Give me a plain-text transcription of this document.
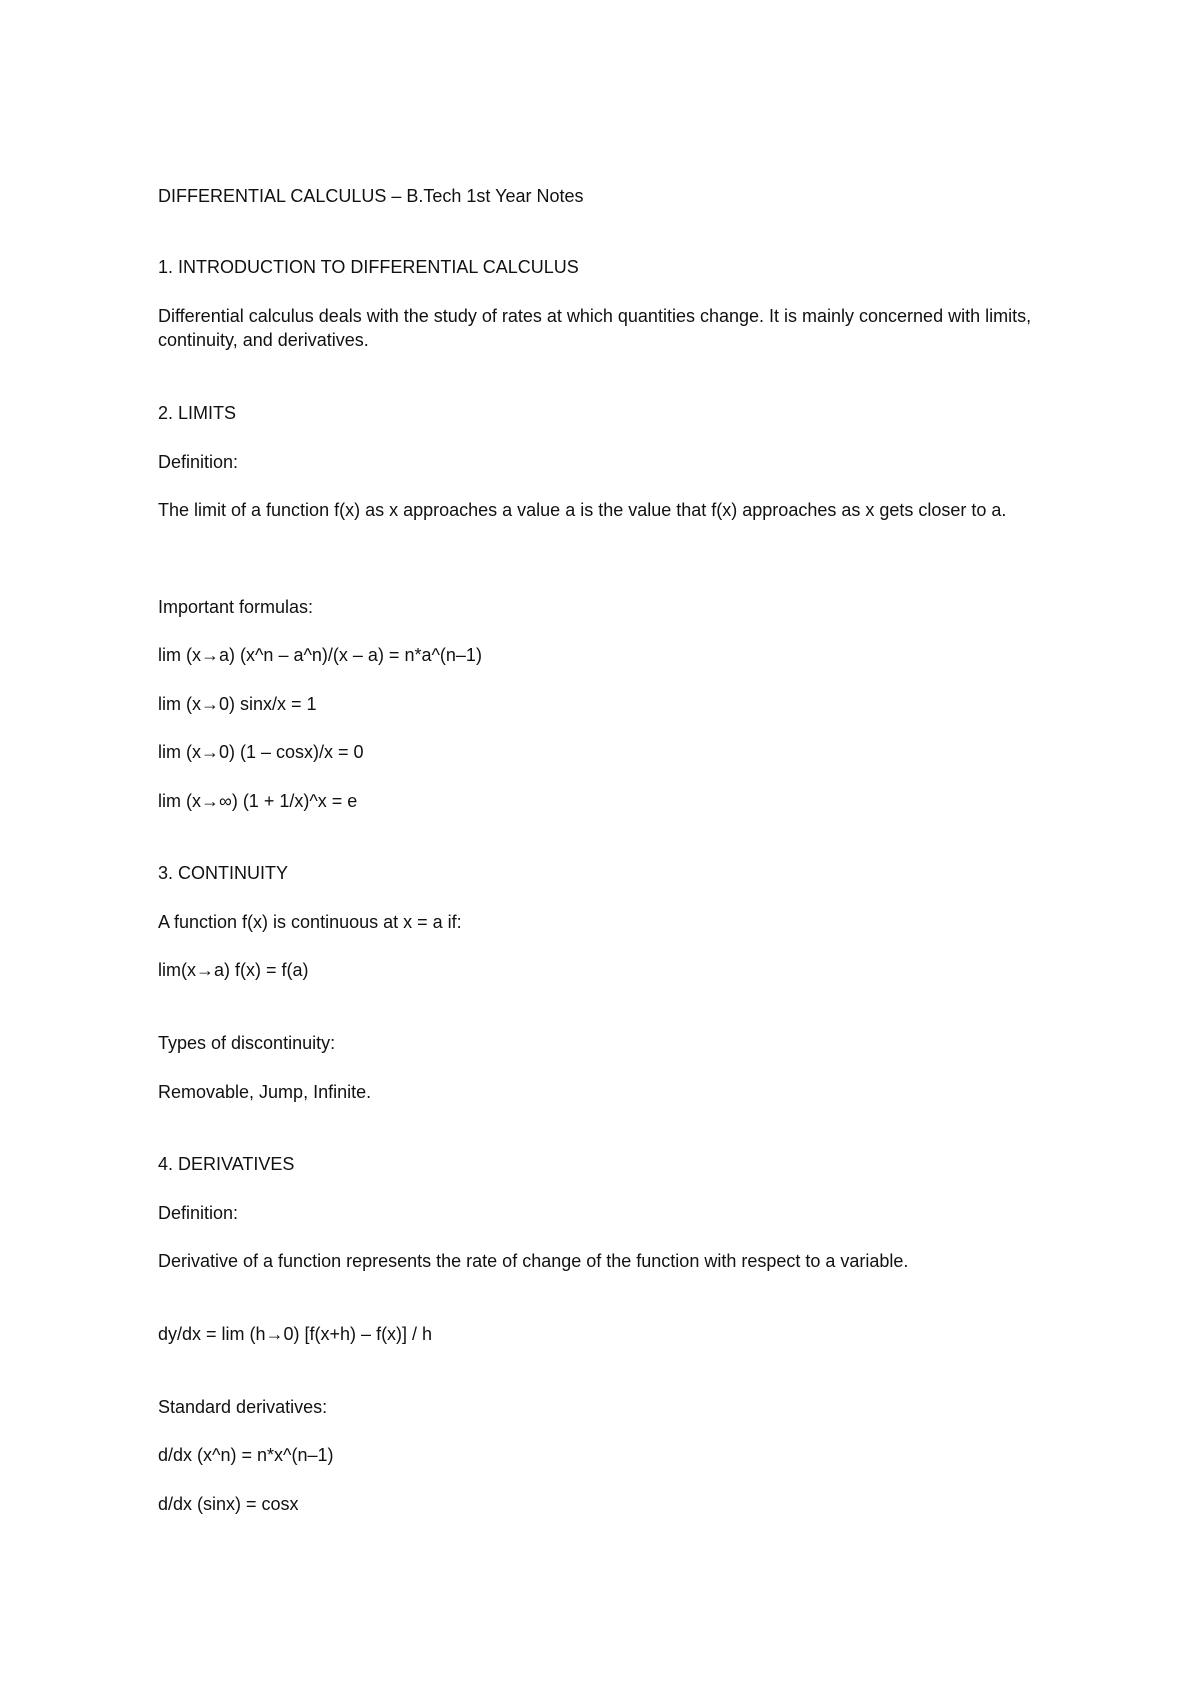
DIFFERENTIAL CALCULUS – B.Tech 1st Year Notes

1. INTRODUCTION TO DIFFERENTIAL CALCULUS

Differential calculus deals with the study of rates at which quantities change. It is mainly concerned with limits, continuity, and derivatives.

2. LIMITS

Definition:

The limit of a function f(x) as x approaches a value a is the value that f(x) approaches as x gets closer to a.

Important formulas:

lim (x→a) (x^n – a^n)/(x – a) = n*a^(n–1)

lim (x→0) sinx/x = 1

lim (x→0) (1 – cosx)/x = 0

lim (x→∞) (1 + 1/x)^x = e

3. CONTINUITY

A function f(x) is continuous at x = a if:

lim(x→a) f(x) = f(a)

Types of discontinuity:

Removable, Jump, Infinite.

4. DERIVATIVES

Definition:

Derivative of a function represents the rate of change of the function with respect to a variable.

dy/dx = lim (h→0) [f(x+h) – f(x)] / h

Standard derivatives:

d/dx (x^n) = n*x^(n–1)

d/dx (sinx) = cosx
